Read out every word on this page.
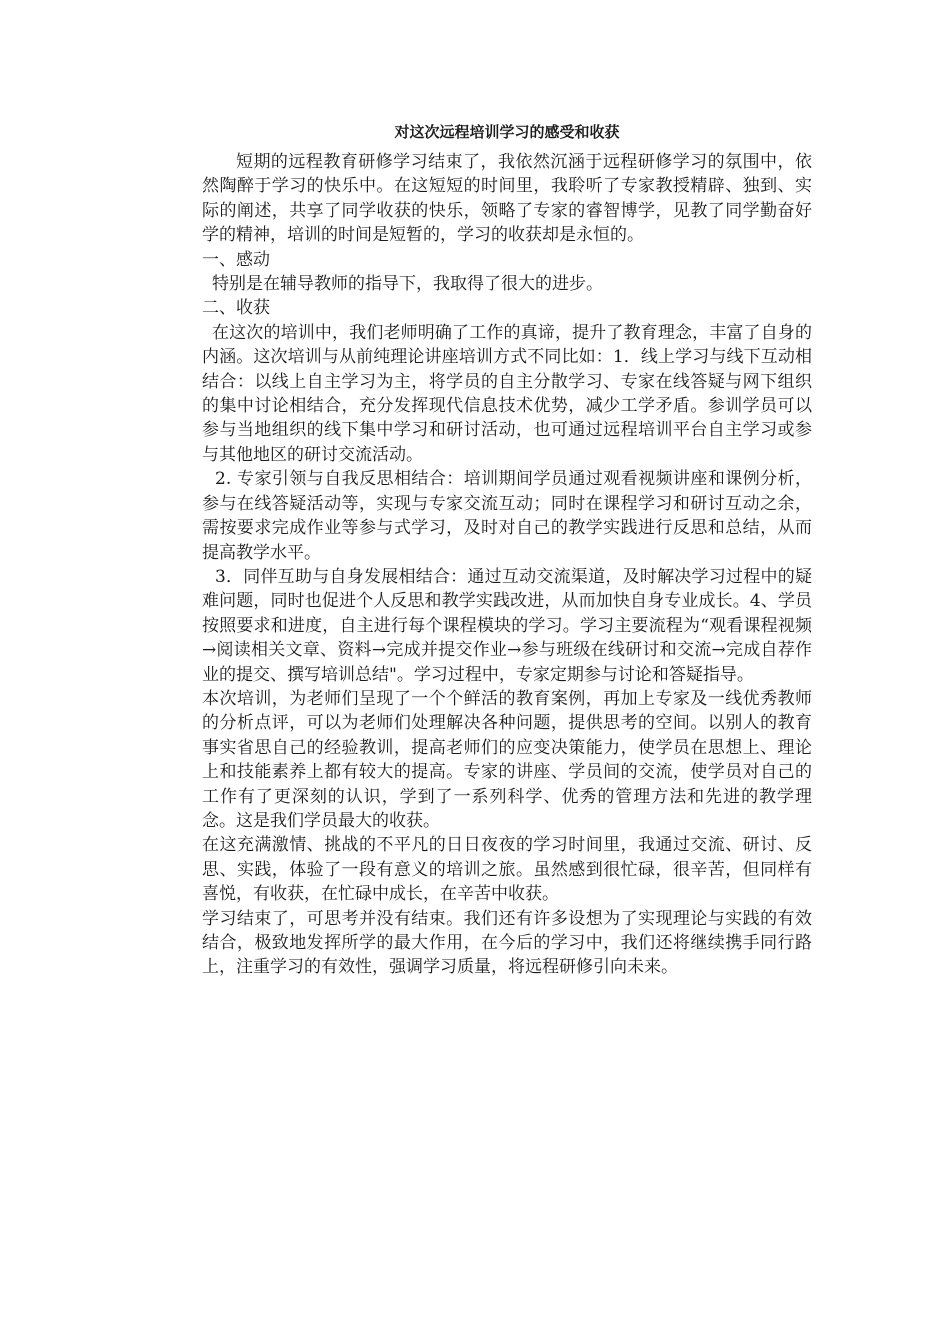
对这次远程培训学习的感受和收获

短期的远程教育研修学习结束了，我依然沉涵于远程研修学习的氛围中，依然陶醉于学习的快乐中。在这短短的时间里，我聆听了专家教授精辟、独到、实际的阐述，共享了同学收获的快乐，领略了专家的睿智博学，见教了同学勤奋好学的精神，培训的时间是短暂的，学习的收获却是永恒的。

一、感动

特别是在辅导教师的指导下，我取得了很大的进步。

二、收获

在这次的培训中，我们老师明确了工作的真谛，提升了教育理念，丰富了自身的内涵。这次培训与从前纯理论讲座培训方式不同比如：1．线上学习与线下互动相结合：以线上自主学习为主，将学员的自主分散学习、专家在线答疑与网下组织的集中讨论相结合，充分发挥现代信息技术优势，减少工学矛盾。参训学员可以参与当地组织的线下集中学习和研讨活动，也可通过远程培训平台自主学习或参与其他地区的研讨交流活动。

2. 专家引领与自我反思相结合：培训期间学员通过观看视频讲座和课例分析，参与在线答疑活动等，实现与专家交流互动；同时在课程学习和研讨互动之余，需按要求完成作业等参与式学习，及时对自己的教学实践进行反思和总结，从而提高教学水平。

3．同伴互助与自身发展相结合：通过互动交流渠道，及时解决学习过程中的疑难问题，同时也促进个人反思和教学实践改进，从而加快自身专业成长。4、学员按照要求和进度，自主进行每个课程模块的学习。学习主要流程为“观看课程视频→阅读相关文章、资料→完成并提交作业→参与班级在线研讨和交流→完成自荐作业的提交、撰写培训总结"。学习过程中，专家定期参与讨论和答疑指导。

本次培训，为老师们呈现了一个个鲜活的教育案例，再加上专家及一线优秀教师的分析点评，可以为老师们处理解决各种问题，提供思考的空间。以别人的教育事实省思自己的经验教训，提高老师们的应变决策能力，使学员在思想上、理论上和技能素养上都有较大的提高。专家的讲座、学员间的交流，使学员对自己的工作有了更深刻的认识，学到了一系列科学、优秀的管理方法和先进的教学理念。这是我们学员最大的收获。

在这充满激情、挑战的不平凡的日日夜夜的学习时间里，我通过交流、研讨、反思、实践，体验了一段有意义的培训之旅。虽然感到很忙碌，很辛苦，但同样有喜悦，有收获，在忙碌中成长，在辛苦中收获。

学习结束了，可思考并没有结束。我们还有许多设想为了实现理论与实践的有效结合，极致地发挥所学的最大作用，在今后的学习中，我们还将继续携手同行路上，注重学习的有效性，强调学习质量，将远程研修引向未来。
